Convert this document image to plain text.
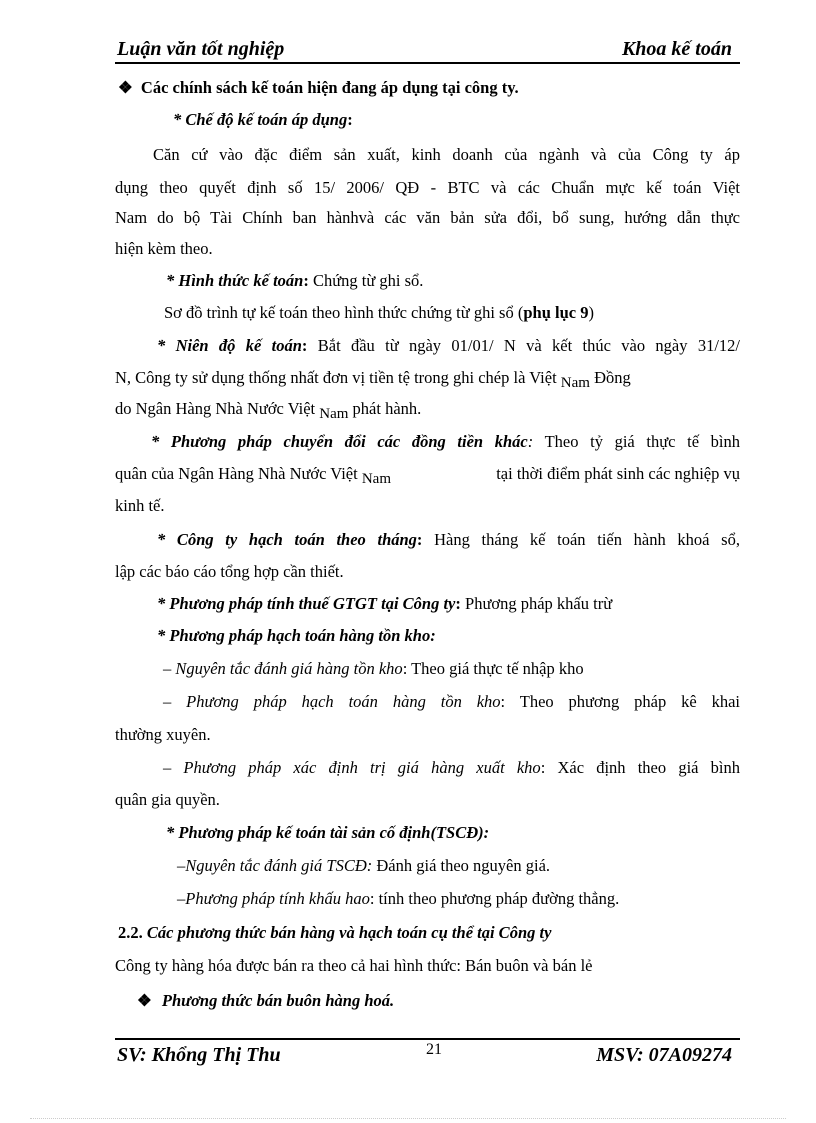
Luận văn tốt nghiệp	Khoa kế toán
❖ Các chính sách kế toán hiện đang áp dụng tại công ty.
* Chế độ kế toán áp dụng:
Căn cứ vào đặc điểm sản xuất, kinh doanh của ngành và của Công ty áp
dụng theo quyết định số 15/ 2006/ QĐ - BTC và các Chuẩn mực kế toán Việt
Nam do bộ Tài Chính ban hànhvà các văn bản sửa đổi, bổ sung, hướng dẫn thực
hiện kèm theo.
* Hình thức kế toán: Chứng từ ghi sổ.
Sơ đồ trình tự kế toán theo hình thức chứng từ ghi sổ (phụ lục 9)
* Niên độ kế toán: Bắt đầu từ ngày 01/01/ N và kết thúc vào ngày 31/12/
N, Công ty sử dụng thống nhất đơn vị tiền tệ trong ghi chép là Việt Nam Đồng
do Ngân Hàng Nhà Nước Việt Nam phát hành.
* Phương pháp chuyển đổi các đồng tiền khác: Theo tỷ giá thực tế bình
quân của Ngân Hàng Nhà Nước Việt Nam	tại thời điểm phát sinh các nghiệp vụ
kinh tế.
* Công ty hạch toán theo tháng: Hàng tháng kế toán tiến hành khoá sổ,
lập các báo cáo tổng hợp cần thiết.
* Phương pháp tính thuế GTGT tại Công ty: Phương pháp khấu trừ
* Phương pháp hạch toán hàng tồn kho:
– Nguyên tắc đánh giá hàng tồn kho: Theo giá thực tế nhập kho
– Phương pháp hạch toán hàng tồn kho: Theo phương pháp kê khai
thường xuyên.
– Phương pháp xác định trị giá hàng xuất kho: Xác định theo giá bình
quân gia quyền.
* Phương pháp kế toán tài sản cố định(TSCĐ):
–Nguyên tắc đánh giá TSCĐ: Đánh giá theo nguyên giá.
–Phương pháp tính khấu hao: tính theo phương pháp đường thẳng.
2.2. Các phương thức bán hàng và hạch toán cụ thể tại Công ty
Công ty hàng hóa được bán ra theo cả hai hình thức: Bán buôn và bán lẻ
❖ Phương thức bán buôn hàng hoá.
SV: Khổng Thị Thu	21	MSV: 07A09274
